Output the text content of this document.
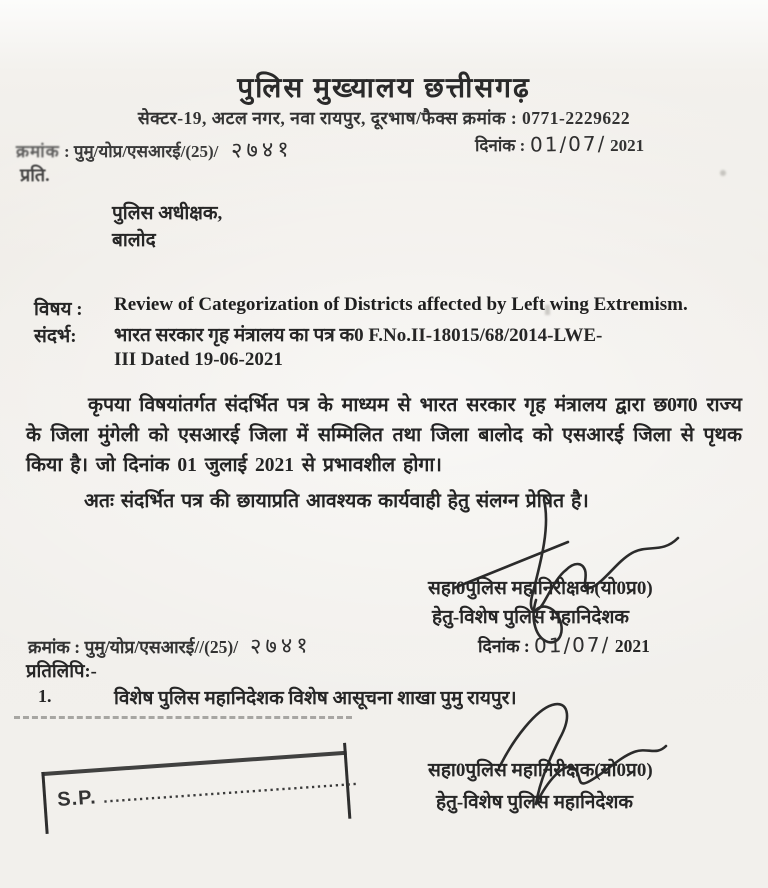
पुलिस मुख्यालय छत्तीसगढ़
सेक्टर-19, अटल नगर, नवा रायपुर, दूरभाष/फैक्स क्रमांक : 0771-2229622
क्रमांक : पुमु/योप्र/एसआरई/(25)/ २७४१	दिनांक : 01/07/ 2021
प्रति.
पुलिस अधीक्षक,
बालोद
विषय : Review of Categorization of Districts affected by Left wing Extremism.
संदर्भ: भारत सरकार गृह मंत्रालय का पत्र क0 F.No.II-18015/68/2014-LWE-
III Dated 19-06-2021
कृपया विषयांतर्गत संदर्भित पत्र के माध्यम से भारत सरकार गृह मंत्रालय द्वारा छ0ग0 राज्य के जिला मुंगेली को एसआरई जिला में सम्मिलित तथा जिला बालोद को एसआरई जिला से पृथक किया है। जो दिनांक 01 जुलाई 2021 से प्रभावशील होगा।
अतः संदर्भित पत्र की छायाप्रति आवश्यक कार्यवाही हेतु संलग्न प्रेषित है।
सहा0पुलिस महानिरीक्षक(यो0प्र0)
हेतु-विशेष पुलिस महानिदेशक
दिनांक : 01/07/ 2021
क्रमांक : पुमु/योप्र/एसआरई//(25)/ २७४१
प्रतिलिपि:-
1.	विशेष पुलिस महानिदेशक विशेष आसूचना शाखा पुमु रायपुर।
S.P. ...........................................
सहा0पुलिस महानिरीक्षक(यो0प्र0)
हेतु-विशेष पुलिस महानिदेशक
